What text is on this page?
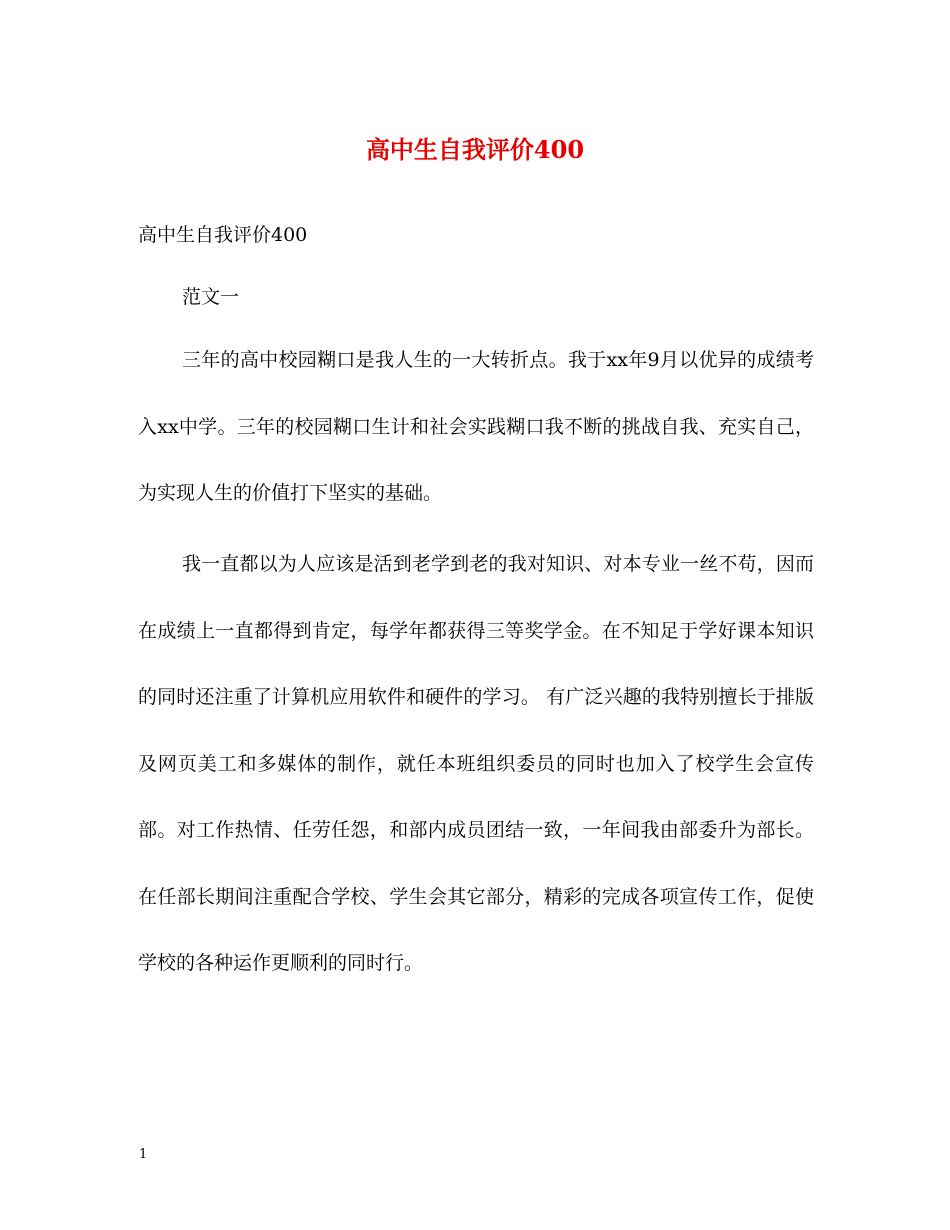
高中生自我评价400
高中生自我评价400
范文一

三年的高中校园糊口是我人生的一大转折点。我于xx年9月以优异的成绩考入xx中学。三年的校园糊口生计和社会实践糊口我不断的挑战自我、充实自己，为实现人生的价值打下坚实的基础。

我一直都以为人应该是活到老学到老的我对知识、对本专业一丝不苟，因而在成绩上一直都得到肯定，每学年都获得三等奖学金。在不知足于学好课本知识的同时还注重了计算机应用软件和硬件的学习。 有广泛兴趣的我特别擅长于排版及网页美工和多媒体的制作，就任本班组织委员的同时也加入了校学生会宣传部。对工作热情、任劳任怨，和部内成员团结一致，一年间我由部委升为部长。在任部长期间注重配合学校、学生会其它部分，精彩的完成各项宣传工作，促使学校的各种运作更顺利的同时行。

1
